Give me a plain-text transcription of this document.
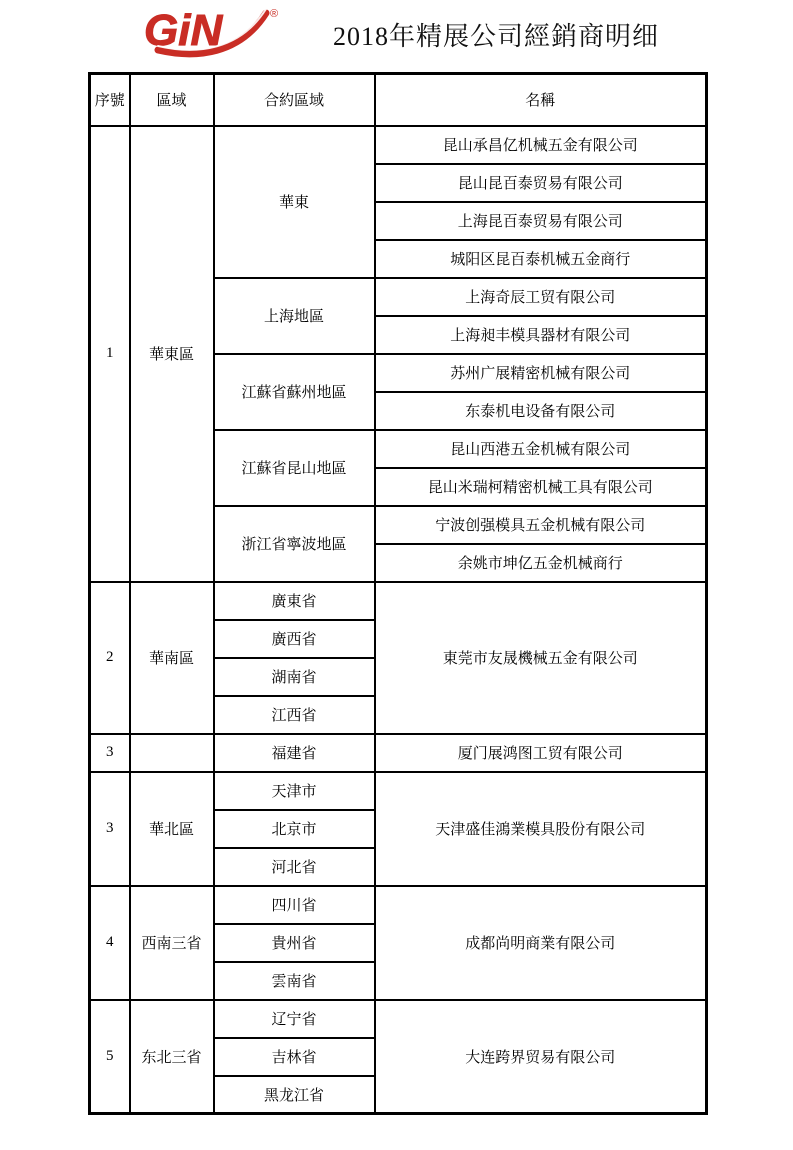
GiN	®
2018年精展公司經銷商明细
序號	區域	合約區域	名稱
1	華東區	華東	昆山承昌亿机械五金有限公司
			昆山昆百泰贸易有限公司
			上海昆百泰贸易有限公司
			城阳区昆百泰机械五金商行
		上海地區	上海奇辰工贸有限公司
			上海昶丰模具器材有限公司
		江蘇省蘇州地區	苏州广展精密机械有限公司
			东泰机电设备有限公司
		江蘇省昆山地區	昆山西港五金机械有限公司
			昆山米瑞柯精密机械工具有限公司
		浙江省寧波地區	宁波创强模具五金机械有限公司
			余姚市坤亿五金机械商行
2	華南區	廣東省	東莞市友晟機械五金有限公司
		廣西省	
		湖南省	
		江西省	
3		福建省	厦门展鸿图工贸有限公司
3	華北區	天津市	天津盛佳鴻業模具股份有限公司
		北京市	
		河北省	
4	西南三省	四川省	成都尚明商業有限公司
		貴州省	
		雲南省	
5	东北三省	辽宁省	大连跨界贸易有限公司
		吉林省	
		黑龙江省	
